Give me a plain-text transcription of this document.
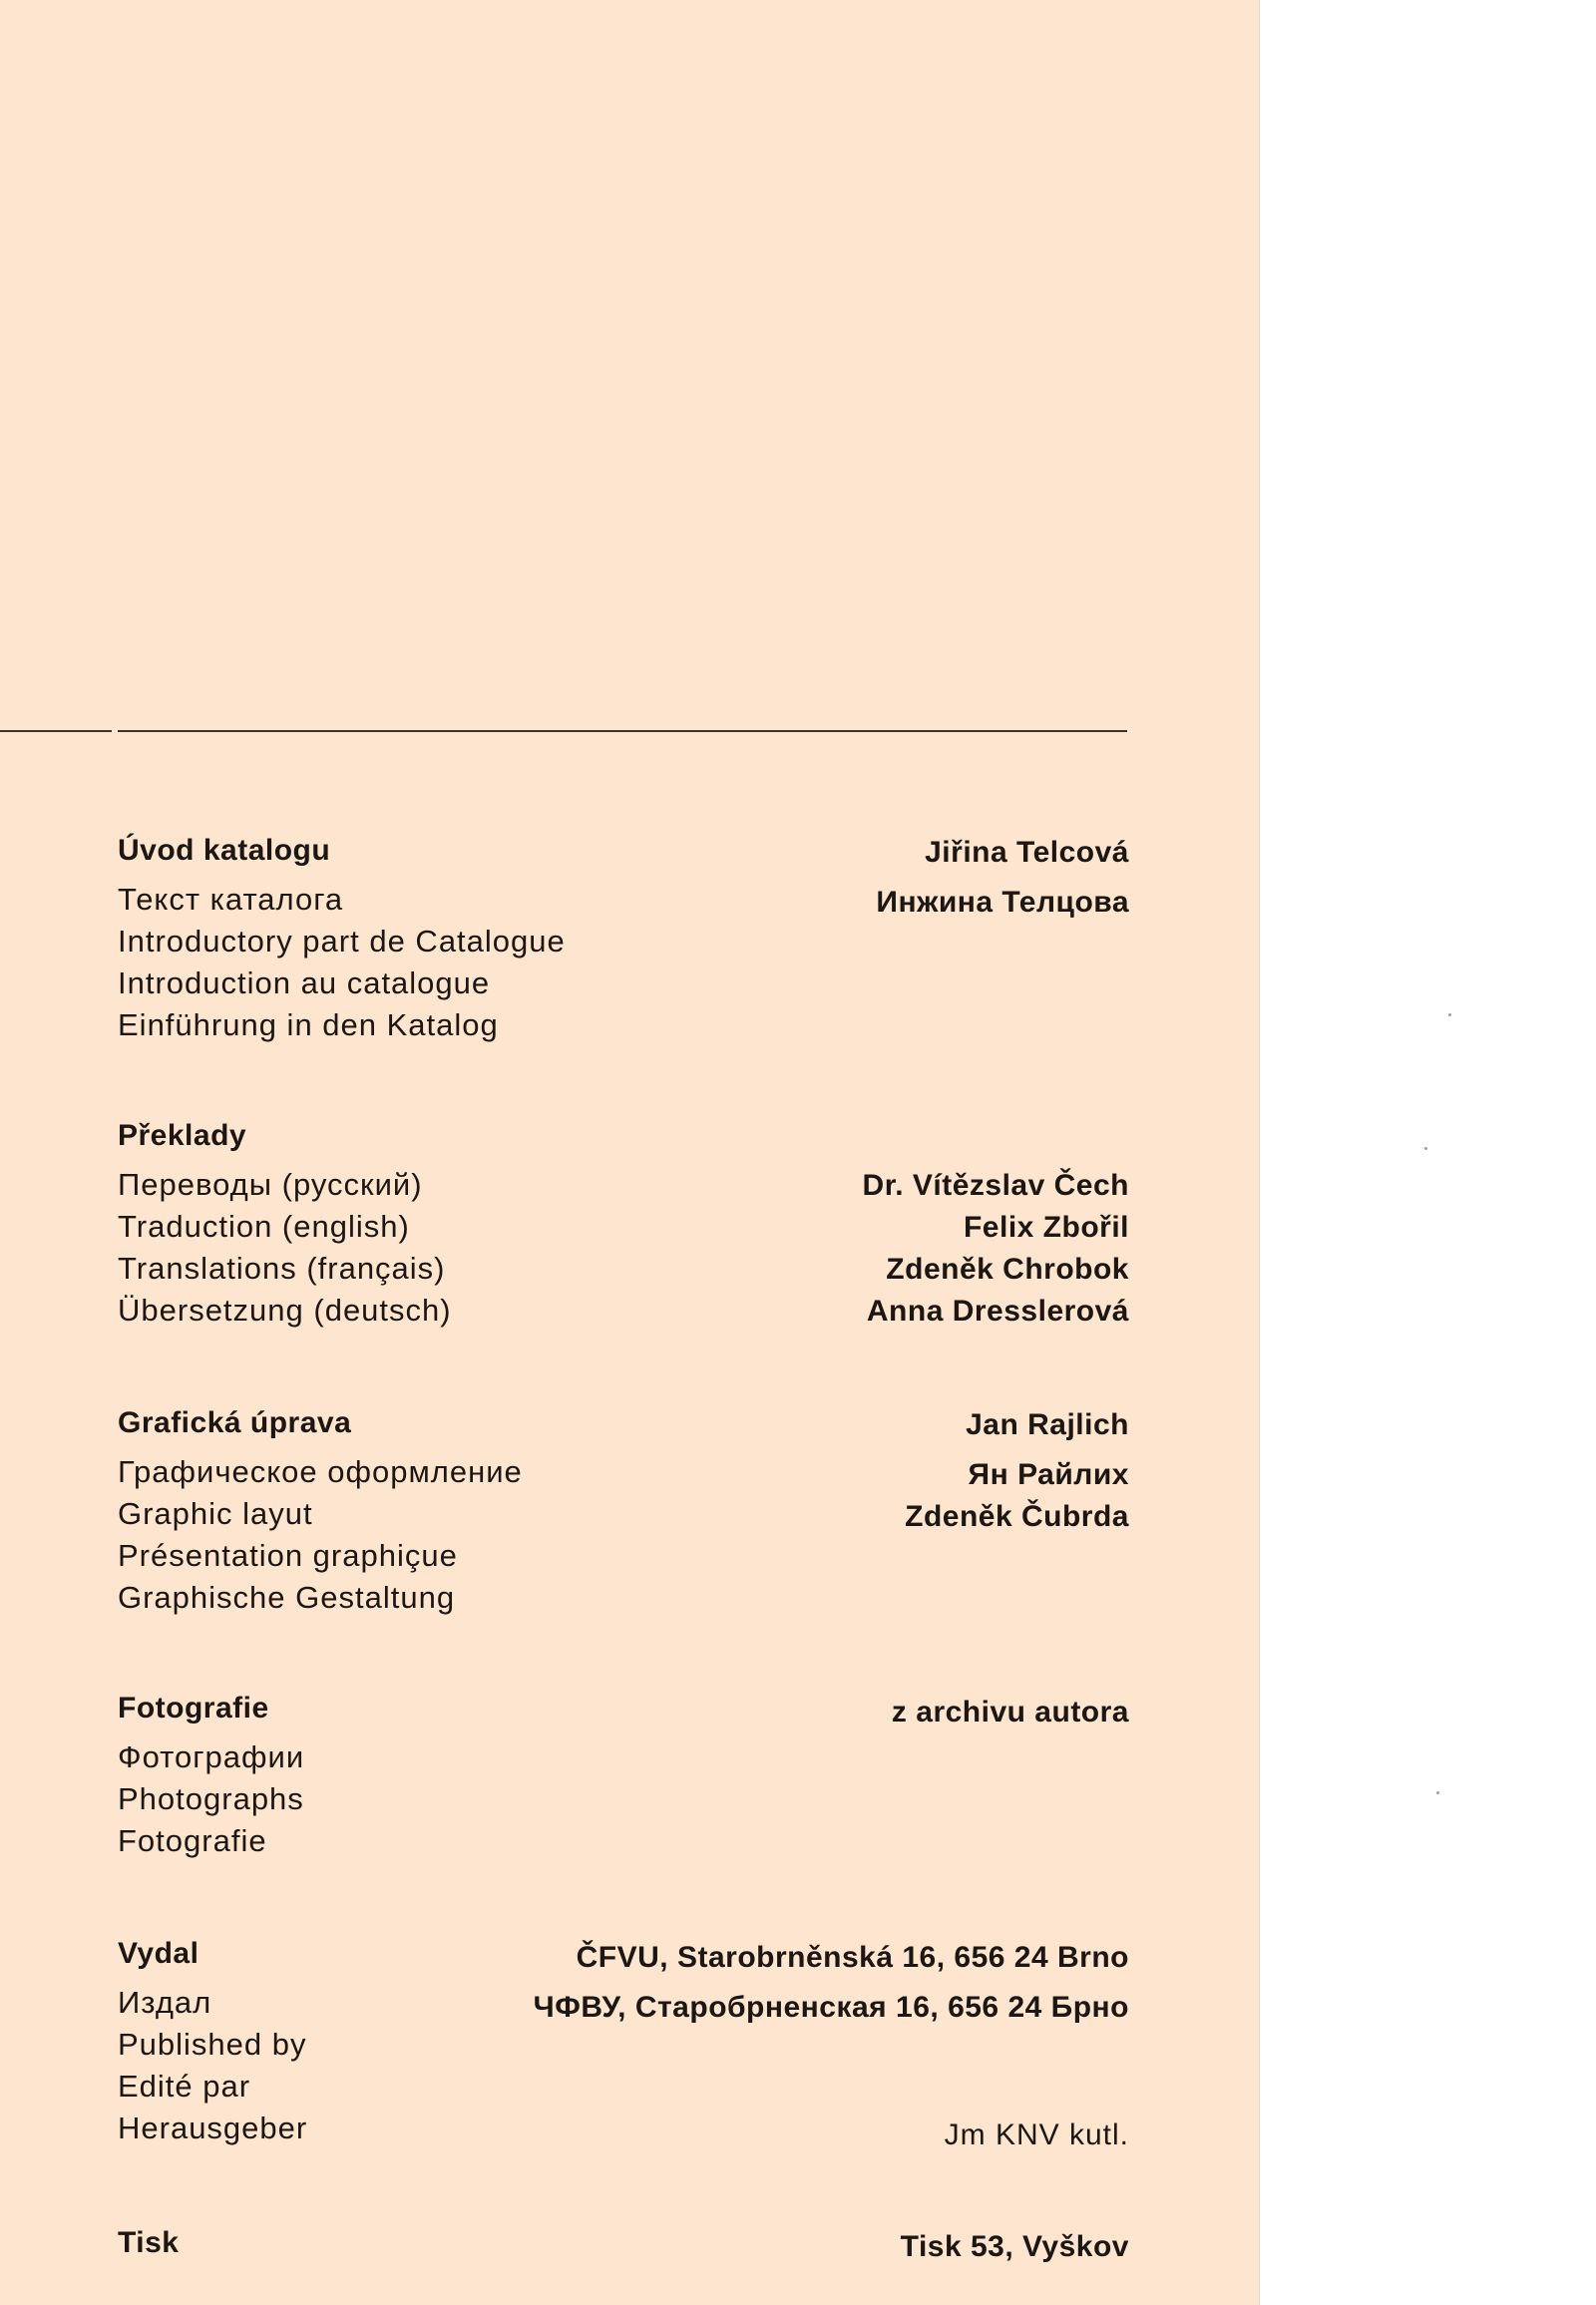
Úvod katalogu
Текст каталога
Introductory part de Catalogue
Introduction au catalogue
Einführung in den Katalog
Jiřina Telcová
Инжина Телцова
Překlady
Переводы (русский)
Traduction (english)
Translations (français)
Übersetzung (deutsch)
Dr. Vítězslav Čech
Felix Zbořil
Zdeněk Chrobok
Anna Dresslerová
Grafická úprava
Графическое оформление
Graphic layut
Présentation graphiçue
Graphische Gestaltung
Jan Rajlich
Ян Райлих
Zdeněk Čubrda
Fotografie
Фотографии
Photographs
Fotografie
z archivu autora
Vydal
Издал
Published by
Edité par
Herausgeber
ČFVU, Starobrněnská 16, 656 24 Brno
ЧФВУ, Старобрненская 16, 656 24 Брно
Jm KNV kutl.
Tisk	Tisk 53, Vyškov
